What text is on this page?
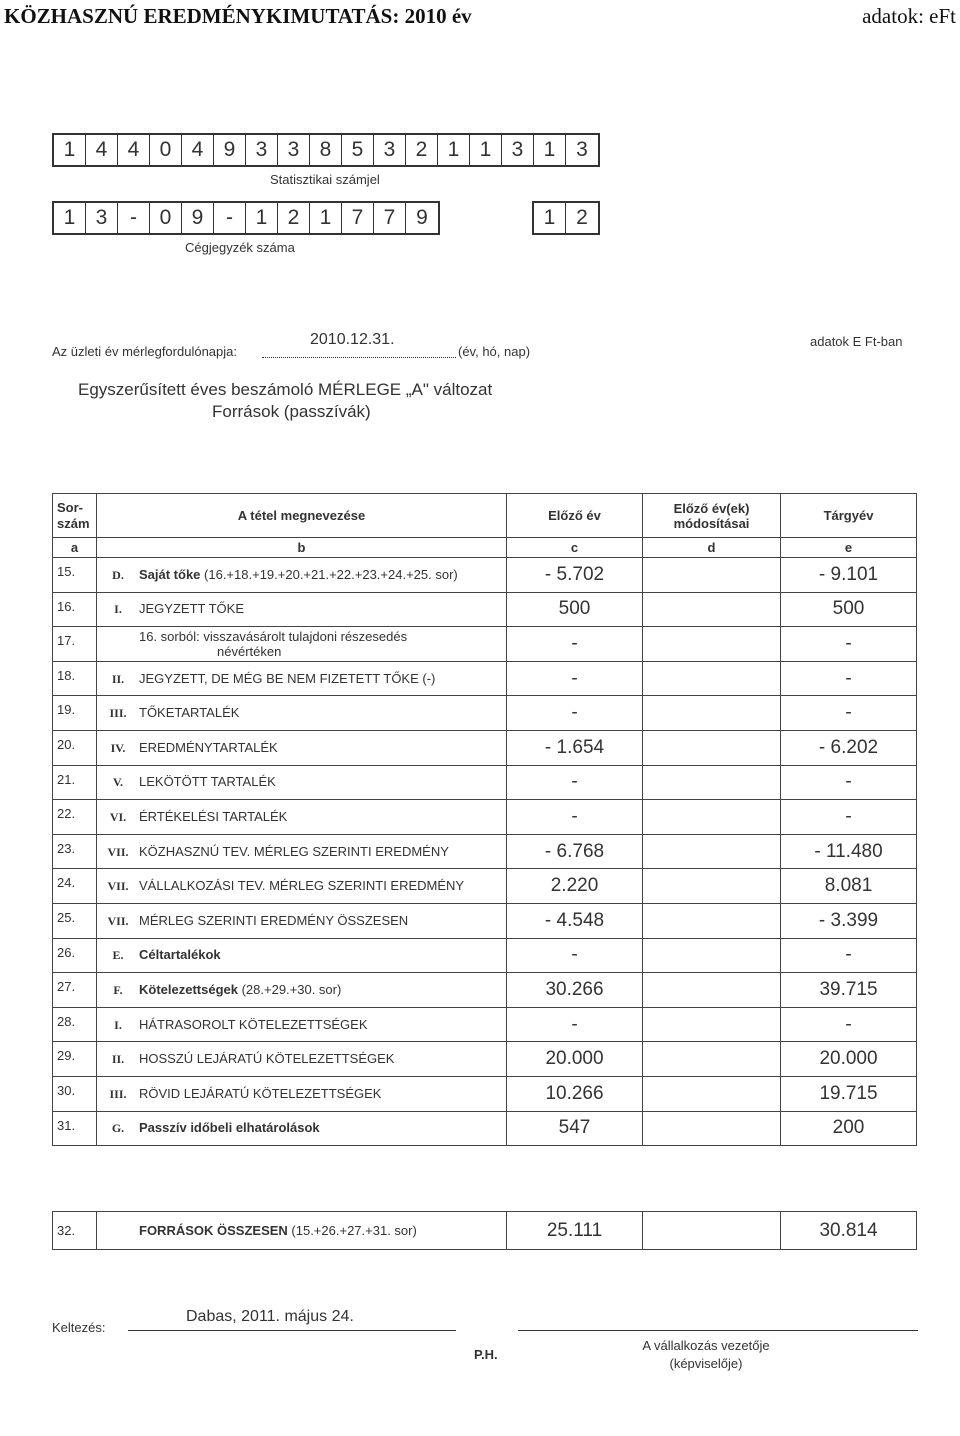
KÖZHASZNÚ EREDMÉNYKIMUTATÁS: 2010 év	adatok: eFt
1 4 4 0 4 9 3 3 8 5 3 2 1 1 3 1 3
Statisztikai számjel
1 3	-	0 9	-	1 2 1 7 7 9	1 2
Cégjegyzék száma
Az üzleti év mérlegfordulónapja:
2010.12.31.
(év, hó, nap)
adatok E Ft-ban
Egyszerűsített éves beszámoló MÉRLEGE „A" változat
Források (passzívák)
Sor-
szám	A tétel megnevezése	Előző év	Előző év(ek)
módosításai	Tárgyév
a	b	c	d	e
15.	D. Saját tőke (16.+18.+19.+20.+21.+22.+23.+24.+25. sor)	- 5.702		- 9.101
16.	I. JEGYZETT TŐKE	500		500
17.	16. sorból: visszavásárolt tulajdoni részesedés
névértéken	-		-
18.	II. JEGYZETT, DE MÉG BE NEM FIZETETT TŐKE (-)	-		-
19.	III. TŐKETARTALÉK	-		-
20.	IV. EREDMÉNYTARTALÉK	- 1.654		- 6.202
21.	V. LEKÖTÖTT TARTALÉK	-		-
22.	VI. ÉRTÉKELÉSI TARTALÉK	-		-
23.	VII. KÖZHASZNÚ TEV. MÉRLEG SZERINTI EREDMÉNY	- 6.768		- 11.480
24.	VII. VÁLLALKOZÁSI TEV. MÉRLEG SZERINTI EREDMÉNY	2.220		8.081
25.	VII. MÉRLEG SZERINTI EREDMÉNY ÖSSZESEN	- 4.548		- 3.399
26.	E. Céltartalékok	-		-
27.	F. Kötelezettségek (28.+29.+30. sor)	30.266		39.715
28.	I. HÁTRASOROLT KÖTELEZETTSÉGEK	-		-
29.	II. HOSSZÚ LEJÁRATÚ KÖTELEZETTSÉGEK	20.000		20.000
30.	III. RÖVID LEJÁRATÚ KÖTELEZETTSÉGEK	10.266		19.715
31.	G. Passzív időbeli elhatárolások	547		200
32.	FORRÁSOK ÖSSZESEN (15.+26.+27.+31. sor)	25.111		30.814
Keltezés:
Dabas, 2011. május 24.
P.H.
A vállalkozás vezetője
(képviselője)
